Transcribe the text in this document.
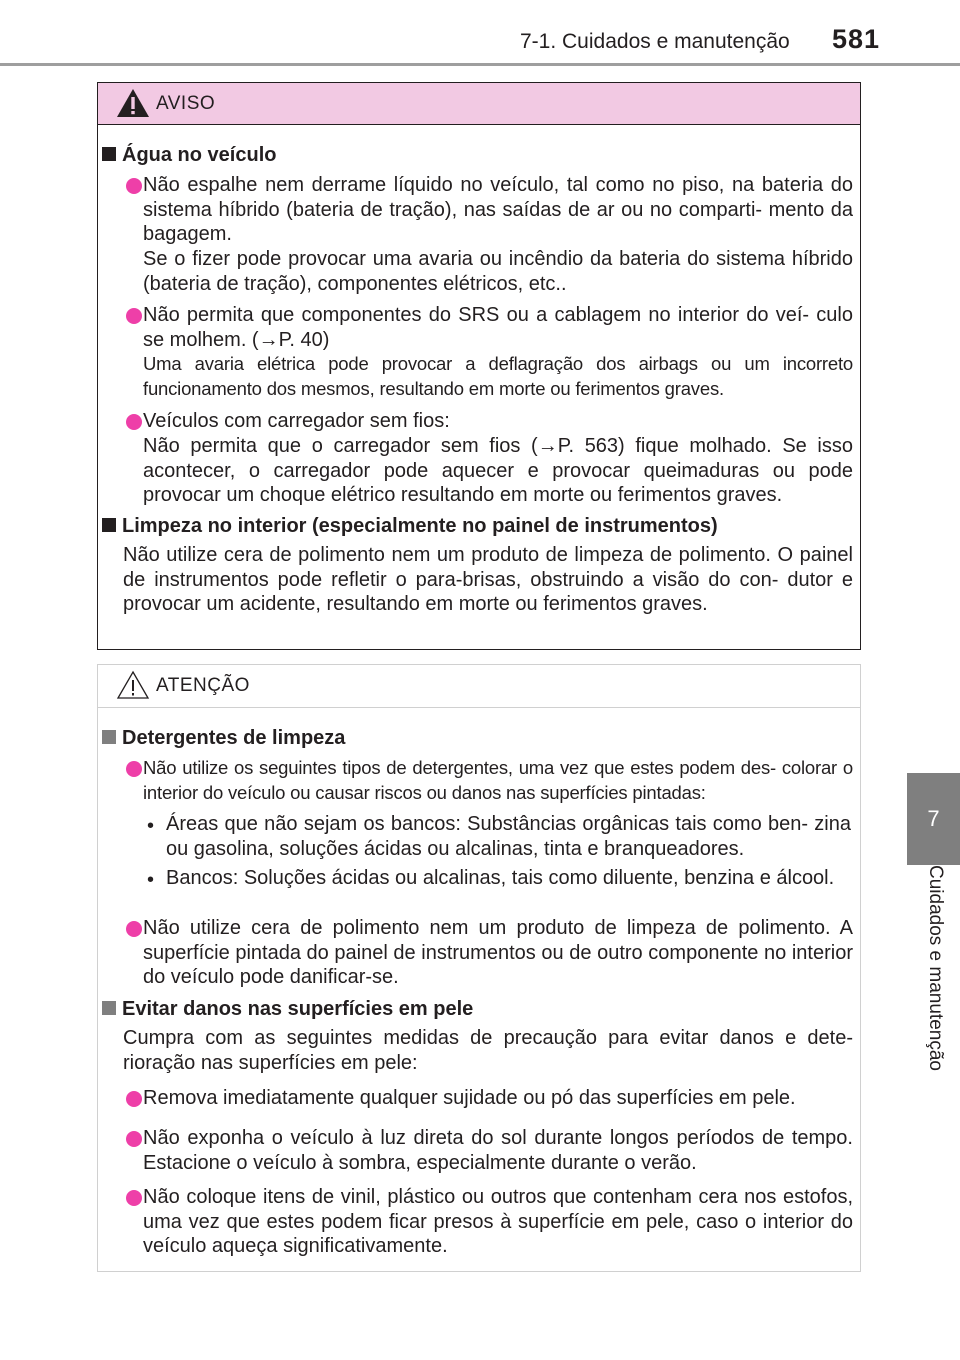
7-1. Cuidados e manutenção 581
7
Cuidados e manutenção
AVISO
Água no veículo
Não espalhe nem derrame líquido no veículo, tal como no piso, na bateria do sistema híbrido (bateria de tração), nas saídas de ar ou no comparti- mento da bagagem.
Se o fizer pode provocar uma avaria ou incêndio da bateria do sistema híbrido (bateria de tração), componentes elétricos, etc..
Não permita que componentes do SRS ou a cablagem no interior do veí- culo se molhem. (→P. 40)
Uma avaria elétrica pode provocar a deflagração dos airbags ou um incorreto funcionamento dos mesmos, resultando em morte ou ferimentos graves.
Veículos com carregador sem fios:
Não permita que o carregador sem fios (→P. 563) fique molhado. Se isso acontecer, o carregador pode aquecer e provocar queimaduras ou pode provocar um choque elétrico resultando em morte ou ferimentos graves.
Limpeza no interior (especialmente no painel de instrumentos)
Não utilize cera de polimento nem um produto de limpeza de polimento. O painel de instrumentos pode refletir o para-brisas, obstruindo a visão do con- dutor e provocar um acidente, resultando em morte ou ferimentos graves.
ATENÇÃO
Detergentes de limpeza
Não utilize os seguintes tipos de detergentes, uma vez que estes podem des- colorar o interior do veículo ou causar riscos ou danos nas superfícies pintadas:
• Áreas que não sejam os bancos: Substâncias orgânicas tais como ben- zina ou gasolina, soluções ácidas ou alcalinas, tinta e branqueadores.
• Bancos: Soluções ácidas ou alcalinas, tais como diluente, benzina e álcool.
Não utilize cera de polimento nem um produto de limpeza de polimento. A superfície pintada do painel de instrumentos ou de outro componente no interior do veículo pode danificar-se.
Evitar danos nas superfícies em pele
Cumpra com as seguintes medidas de precaução para evitar danos e dete- rioração nas superfícies em pele:
Remova imediatamente qualquer sujidade ou pó das superfícies em pele.
Não exponha o veículo à luz direta do sol durante longos períodos de tempo. Estacione o veículo à sombra, especialmente durante o verão.
Não coloque itens de vinil, plástico ou outros que contenham cera nos estofos, uma vez que estes podem ficar presos à superfície em pele, caso o interior do veículo aqueça significativamente.
